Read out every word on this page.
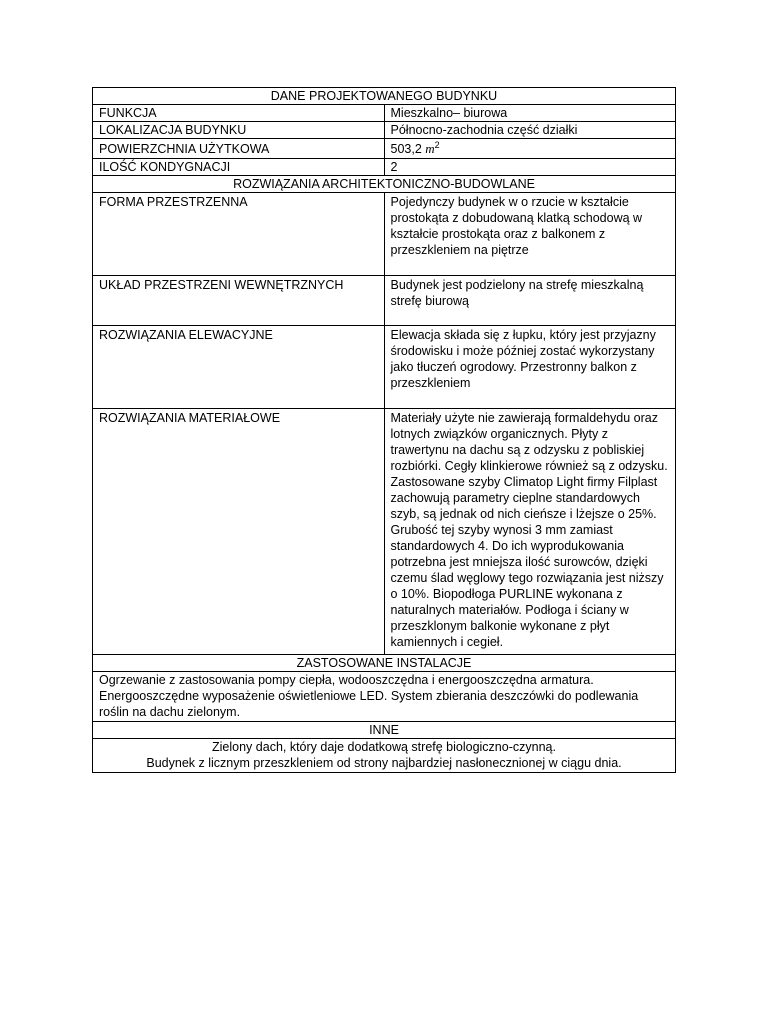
DANE PROJEKTOWANEGO BUDYNKU	
FUNKCJA	Mieszkalno– biurowa
LOKALIZACJA BUDYNKU	Północno-zachodnia część działki
POWIERZCHNIA UŻYTKOWA	503,2 $m^2$
ILOŚĆ KONDYGNACJI	2
ROZWIĄZANIA ARCHITEKTONICZNO-BUDOWLANE	
FORMA PRZESTRZENNA	Pojedynczy budynek w o rzucie w kształcie prostokąta z dobudowaną klatką schodową w kształcie prostokąta oraz z balkonem z przeszkleniem na piętrze
UKŁAD PRZESTRZENI WEWNĘTRZNYCH	Budynek jest podzielony na strefę mieszkalną strefę biurową
ROZWIĄZANIA ELEWACYJNE	Elewacja składa się z łupku, który jest przyjazny środowisku i może później zostać wykorzystany jako tłuczeń ogrodowy. Przestronny balkon z przeszkleniem
ROZWIĄZANIA MATERIAŁOWE	Materiały użyte nie zawierają formaldehydu oraz lotnych związków organicznych. Płyty z trawertynu na dachu są z odzysku z pobliskiej rozbiórki. Cegły klinkierowe również są z odzysku. Zastosowane szyby Climatop Light firmy Filplast zachowują parametry cieplne standardowych szyb, są jednak od nich cieńsze i lżejsze o 25%. Grubość tej szyby wynosi 3 mm zamiast standardowych 4. Do ich wyprodukowania potrzebna jest mniejsza ilość surowców, dzięki czemu ślad węglowy tego rozwiązania jest niższy o 10%. Biopodłoga PURLINE wykonana z naturalnych materiałów. Podłoga i ściany w przeszklonym balkonie wykonane z płyt kamiennych i cegieł.
ZASTOSOWANE INSTALACJE	
Ogrzewanie z zastosowania pompy ciepła, wodooszczędna i energooszczędna armatura. Energooszczędne wyposażenie oświetleniowe LED. System zbierania deszczówki do podlewania roślin na dachu zielonym.	
INNE	

Zielony dach, który daje dodatkową strefę biologiczno-czynną.
Budynek z licznym przeszkleniem od strony najbardziej nasłonecznionej w ciągu dnia.	
